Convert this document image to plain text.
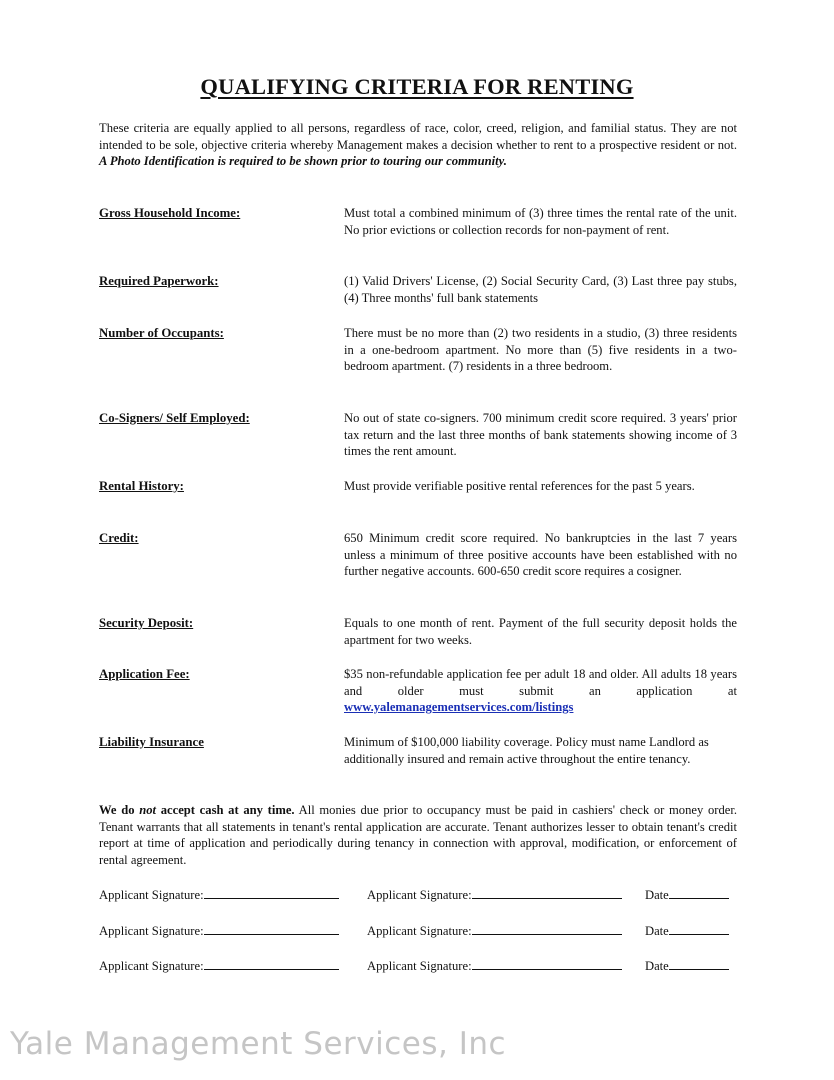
QUALIFYING CRITERIA FOR RENTING
These criteria are equally applied to all persons, regardless of race, color, creed, religion, and familial status. They are not intended to be sole, objective criteria whereby Management makes a decision whether to rent to a prospective resident or not. A Photo Identification is required to be shown prior to touring our community.
Gross Household Income:	Must total a combined minimum of (3) three times the rental rate of the unit. No prior evictions or collection records for non-payment of rent.
Required Paperwork:	(1) Valid Drivers' License, (2) Social Security Card, (3) Last three pay stubs, (4) Three months' full bank statements
Number of Occupants:	There must be no more than (2) two residents in a studio, (3) three residents in a one-bedroom apartment. No more than (5) five residents in a two-bedroom apartment. (7) residents in a three bedroom.
Co-Signers/ Self Employed:	No out of state co-signers. 700 minimum credit score required. 3 years' prior tax return and the last three months of bank statements showing income of 3 times the rent amount.
Rental History:	Must provide verifiable positive rental references for the past 5 years.
Credit:	650 Minimum credit score required. No bankruptcies in the last 7 years unless a minimum of three positive accounts have been established with no further negative accounts. 600-650 credit score requires a cosigner.
Security Deposit:	Equals to one month of rent. Payment of the full security deposit holds the apartment for two weeks.
Application Fee:	$35 non-refundable application fee per adult 18 and older. All adults 18 years and older must submit an application at www.yalemanagementservices.com/listings
Liability Insurance	Minimum of $100,000 liability coverage. Policy must name Landlord as additionally insured and remain active throughout the entire tenancy.
We do not accept cash at any time. All monies due prior to occupancy must be paid in cashiers' check or money order. Tenant warrants that all statements in tenant's rental application are accurate. Tenant authorizes lesser to obtain tenant's credit report at time of application and periodically during tenancy in connection with approval, modification, or enforcement of rental agreement.
Applicant Signature:	Applicant Signature:	Date
Applicant Signature:	Applicant Signature:	Date
Applicant Signature:	Applicant Signature:	Date
Yale Management Services, Inc
